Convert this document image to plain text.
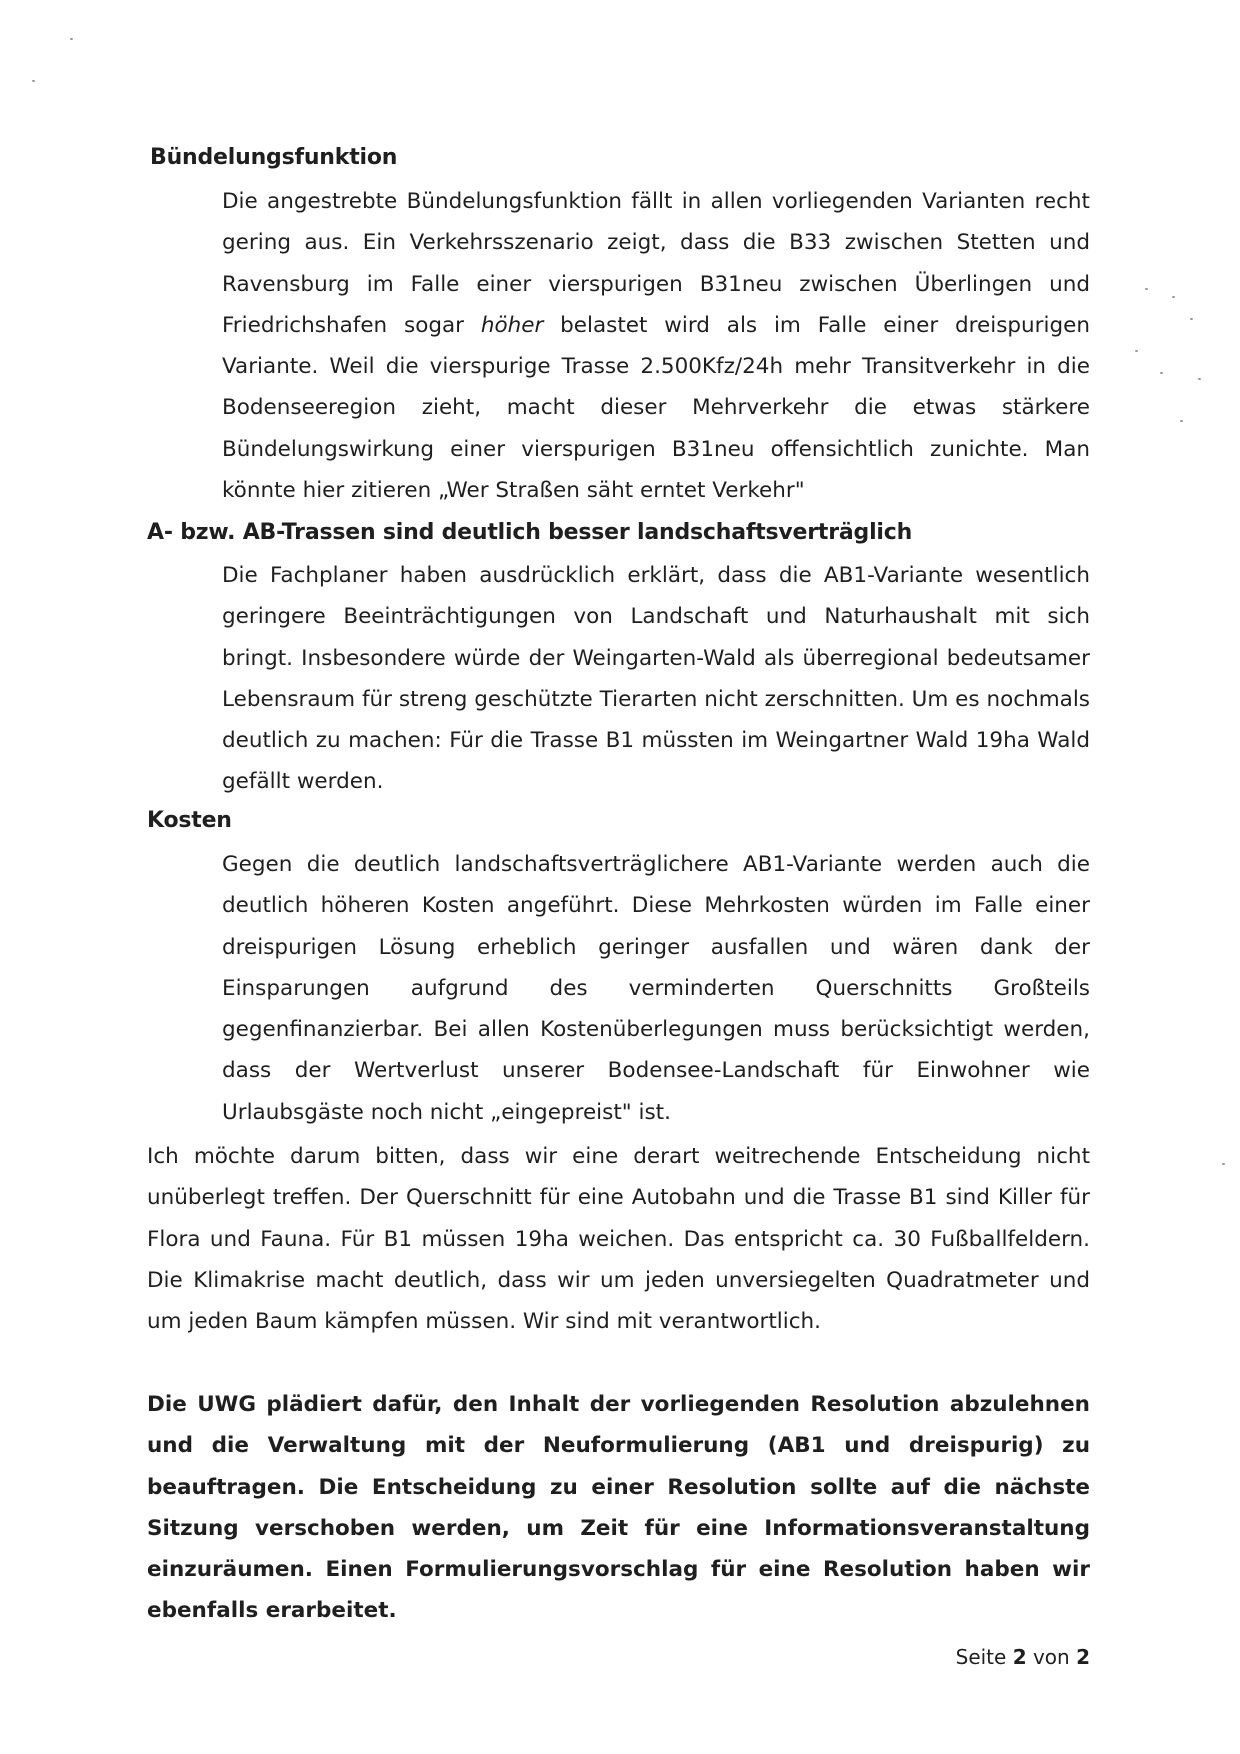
Bündelungsfunktion

Die angestrebte Bündelungsfunktion fällt in allen vorliegenden Varianten recht gering aus. Ein Verkehrsszenario zeigt, dass die B33 zwischen Stetten und Ravensburg im Falle einer vierspurigen B31neu zwischen Überlingen und Friedrichshafen sogar höher belastet wird als im Falle einer dreispurigen Variante. Weil die vierspurige Trasse 2.500Kfz/24h mehr Transitverkehr in die Bodenseeregion zieht, macht dieser Mehrverkehr die etwas stärkere Bündelungswirkung einer vierspurigen B31neu offensichtlich zunichte. Man könnte hier zitieren „Wer Straßen säht erntet Verkehr"

A- bzw. AB-Trassen sind deutlich besser landschaftsverträglich

Die Fachplaner haben ausdrücklich erklärt, dass die AB1-Variante wesentlich geringere Beeinträchtigungen von Landschaft und Naturhaushalt mit sich bringt. Insbesondere würde der Weingarten-Wald als überregional bedeutsamer Lebensraum für streng geschützte Tierarten nicht zerschnitten. Um es nochmals deutlich zu machen: Für die Trasse B1 müssten im Weingartner Wald 19ha Wald gefällt werden.

Kosten

Gegen die deutlich landschaftsverträglichere AB1-Variante werden auch die deutlich höheren Kosten angeführt. Diese Mehrkosten würden im Falle einer dreispurigen Lösung erheblich geringer ausfallen und wären dank der Einsparungen aufgrund des verminderten Querschnitts Großteils gegenfinanzierbar. Bei allen Kostenüberlegungen muss berücksichtigt werden, dass der Wertverlust unserer Bodensee-Landschaft für Einwohner wie Urlaubsgäste noch nicht „eingepreist" ist.

Ich möchte darum bitten, dass wir eine derart weitrechende Entscheidung nicht unüberlegt treffen. Der Querschnitt für eine Autobahn und die Trasse B1 sind Killer für Flora und Fauna. Für B1 müssen 19ha weichen. Das entspricht ca. 30 Fußballfeldern. Die Klimakrise macht deutlich, dass wir um jeden unversiegelten Quadratmeter und um jeden Baum kämpfen müssen. Wir sind mit verantwortlich.

Die UWG plädiert dafür, den Inhalt der vorliegenden Resolution abzulehnen und die Verwaltung mit der Neuformulierung (AB1 und dreispurig) zu beauftragen. Die Entscheidung zu einer Resolution sollte auf die nächste Sitzung verschoben werden, um Zeit für eine Informationsveranstaltung einzuräumen. Einen Formulierungsvorschlag für eine Resolution haben wir ebenfalls erarbeitet.

Seite 2 von 2
